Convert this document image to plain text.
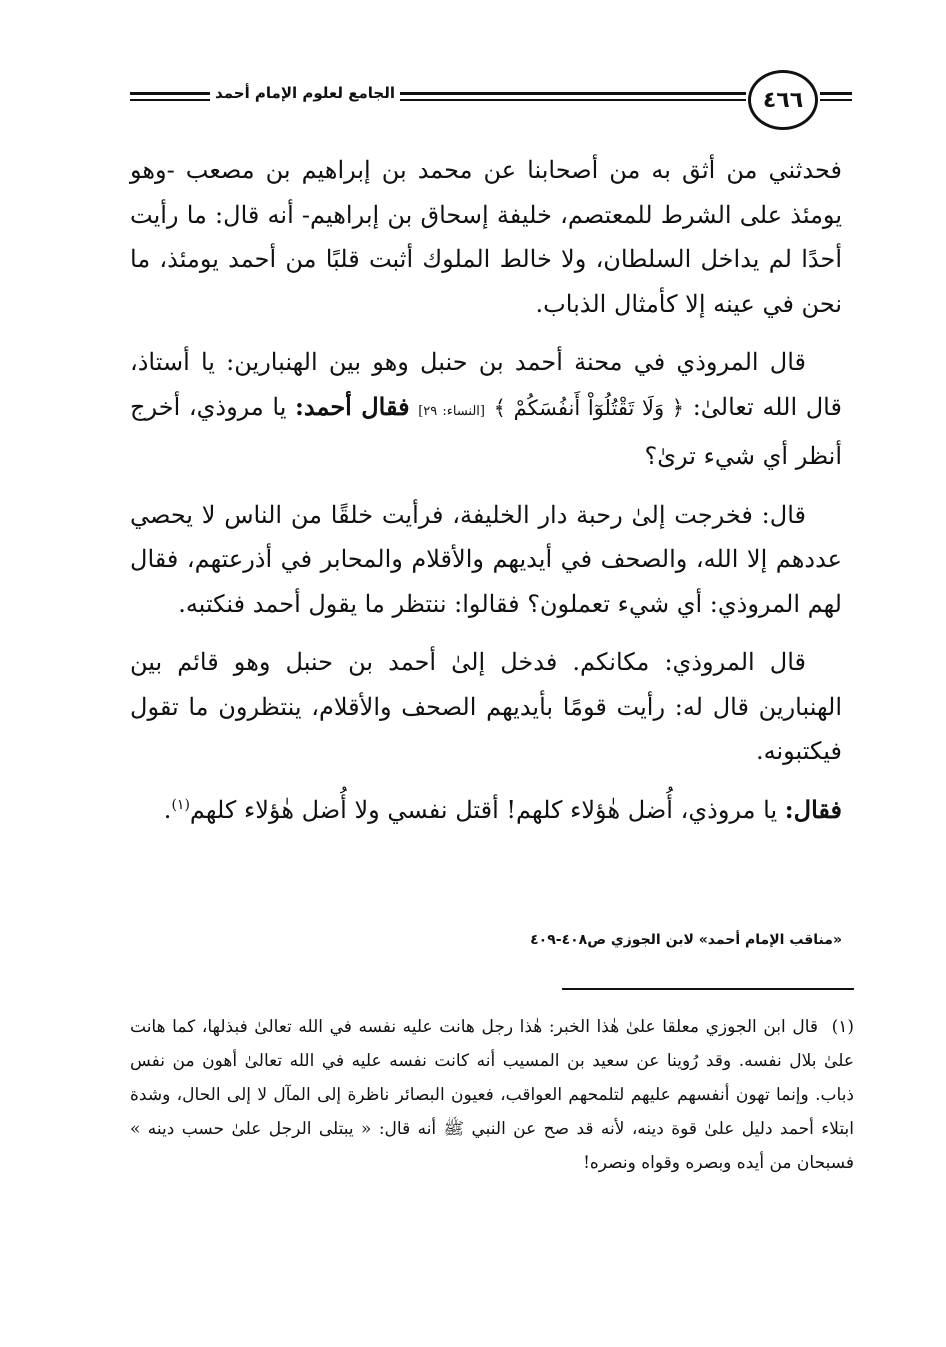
الجامع لعلوم الإمام أحمد	٤٦٦

فحدثني من أثق به من أصحابنا عن محمد بن إبراهيم بن مصعب -وهو يومئذ على الشرط للمعتصم، خليفة إسحاق بن إبراهيم- أنه قال: ما رأيت أحدًا لم يداخل السلطان، ولا خالط الملوك أثبت قلبًا من أحمد يومئذ، ما نحن في عينه إلا كأمثال الذباب.

قال المروذي في محنة أحمد بن حنبل وهو بين الهنبارين: يا أستاذ، قال الله تعالىٰ: ﴿ وَلَا تَقْتُلُوٓاْ أَنفُسَكُمْ ﴾ [النساء: ٢٩] فقال أحمد: يا مروذي، أخرج أنظر أي شيء ترىٰ؟

قال: فخرجت إلىٰ رحبة دار الخليفة، فرأيت خلقًا من الناس لا يحصي عددهم إلا الله، والصحف في أيديهم والأقلام والمحابر في أذرعتهم، فقال لهم المروذي: أي شيء تعملون؟ فقالوا: ننتظر ما يقول أحمد فنكتبه.

قال المروذي: مكانكم. فدخل إلىٰ أحمد بن حنبل وهو قائم بين الهنبارين قال له: رأيت قومًا بأيديهم الصحف والأقلام، ينتظرون ما تقول فيكتبونه.

فقال: يا مروذي، أُضل هٰؤلاء كلهم! أقتل نفسي ولا أُضل هٰؤلاء كلهم$^{(١)}$.

«مناقب الإمام أحمد» لابن الجوزي ص٤٠٨-٤٠٩
(١)قال ابن الجوزي معلقا علىٰ هٰذا الخبر: هٰذا رجل هانت عليه نفسه في الله تعالىٰ فبذلها، كما هانت علىٰ بلال نفسه. وقد رُوينا عن سعيد بن المسيب أنه كانت نفسه عليه في الله تعالىٰ أهون من نفس ذباب. وإنما تهون أنفسهم عليهم لتلمحهم العواقب، فعيون البصائر ناظرة إلى المآل لا إلى الحال، وشدة ابتلاء أحمد دليل علىٰ قوة دينه، لأنه قد صح عن النبي ﷺ أنه قال: « يبتلى الرجل علىٰ حسب دينه » فسبحان من أيده وبصره وقواه ونصره!
